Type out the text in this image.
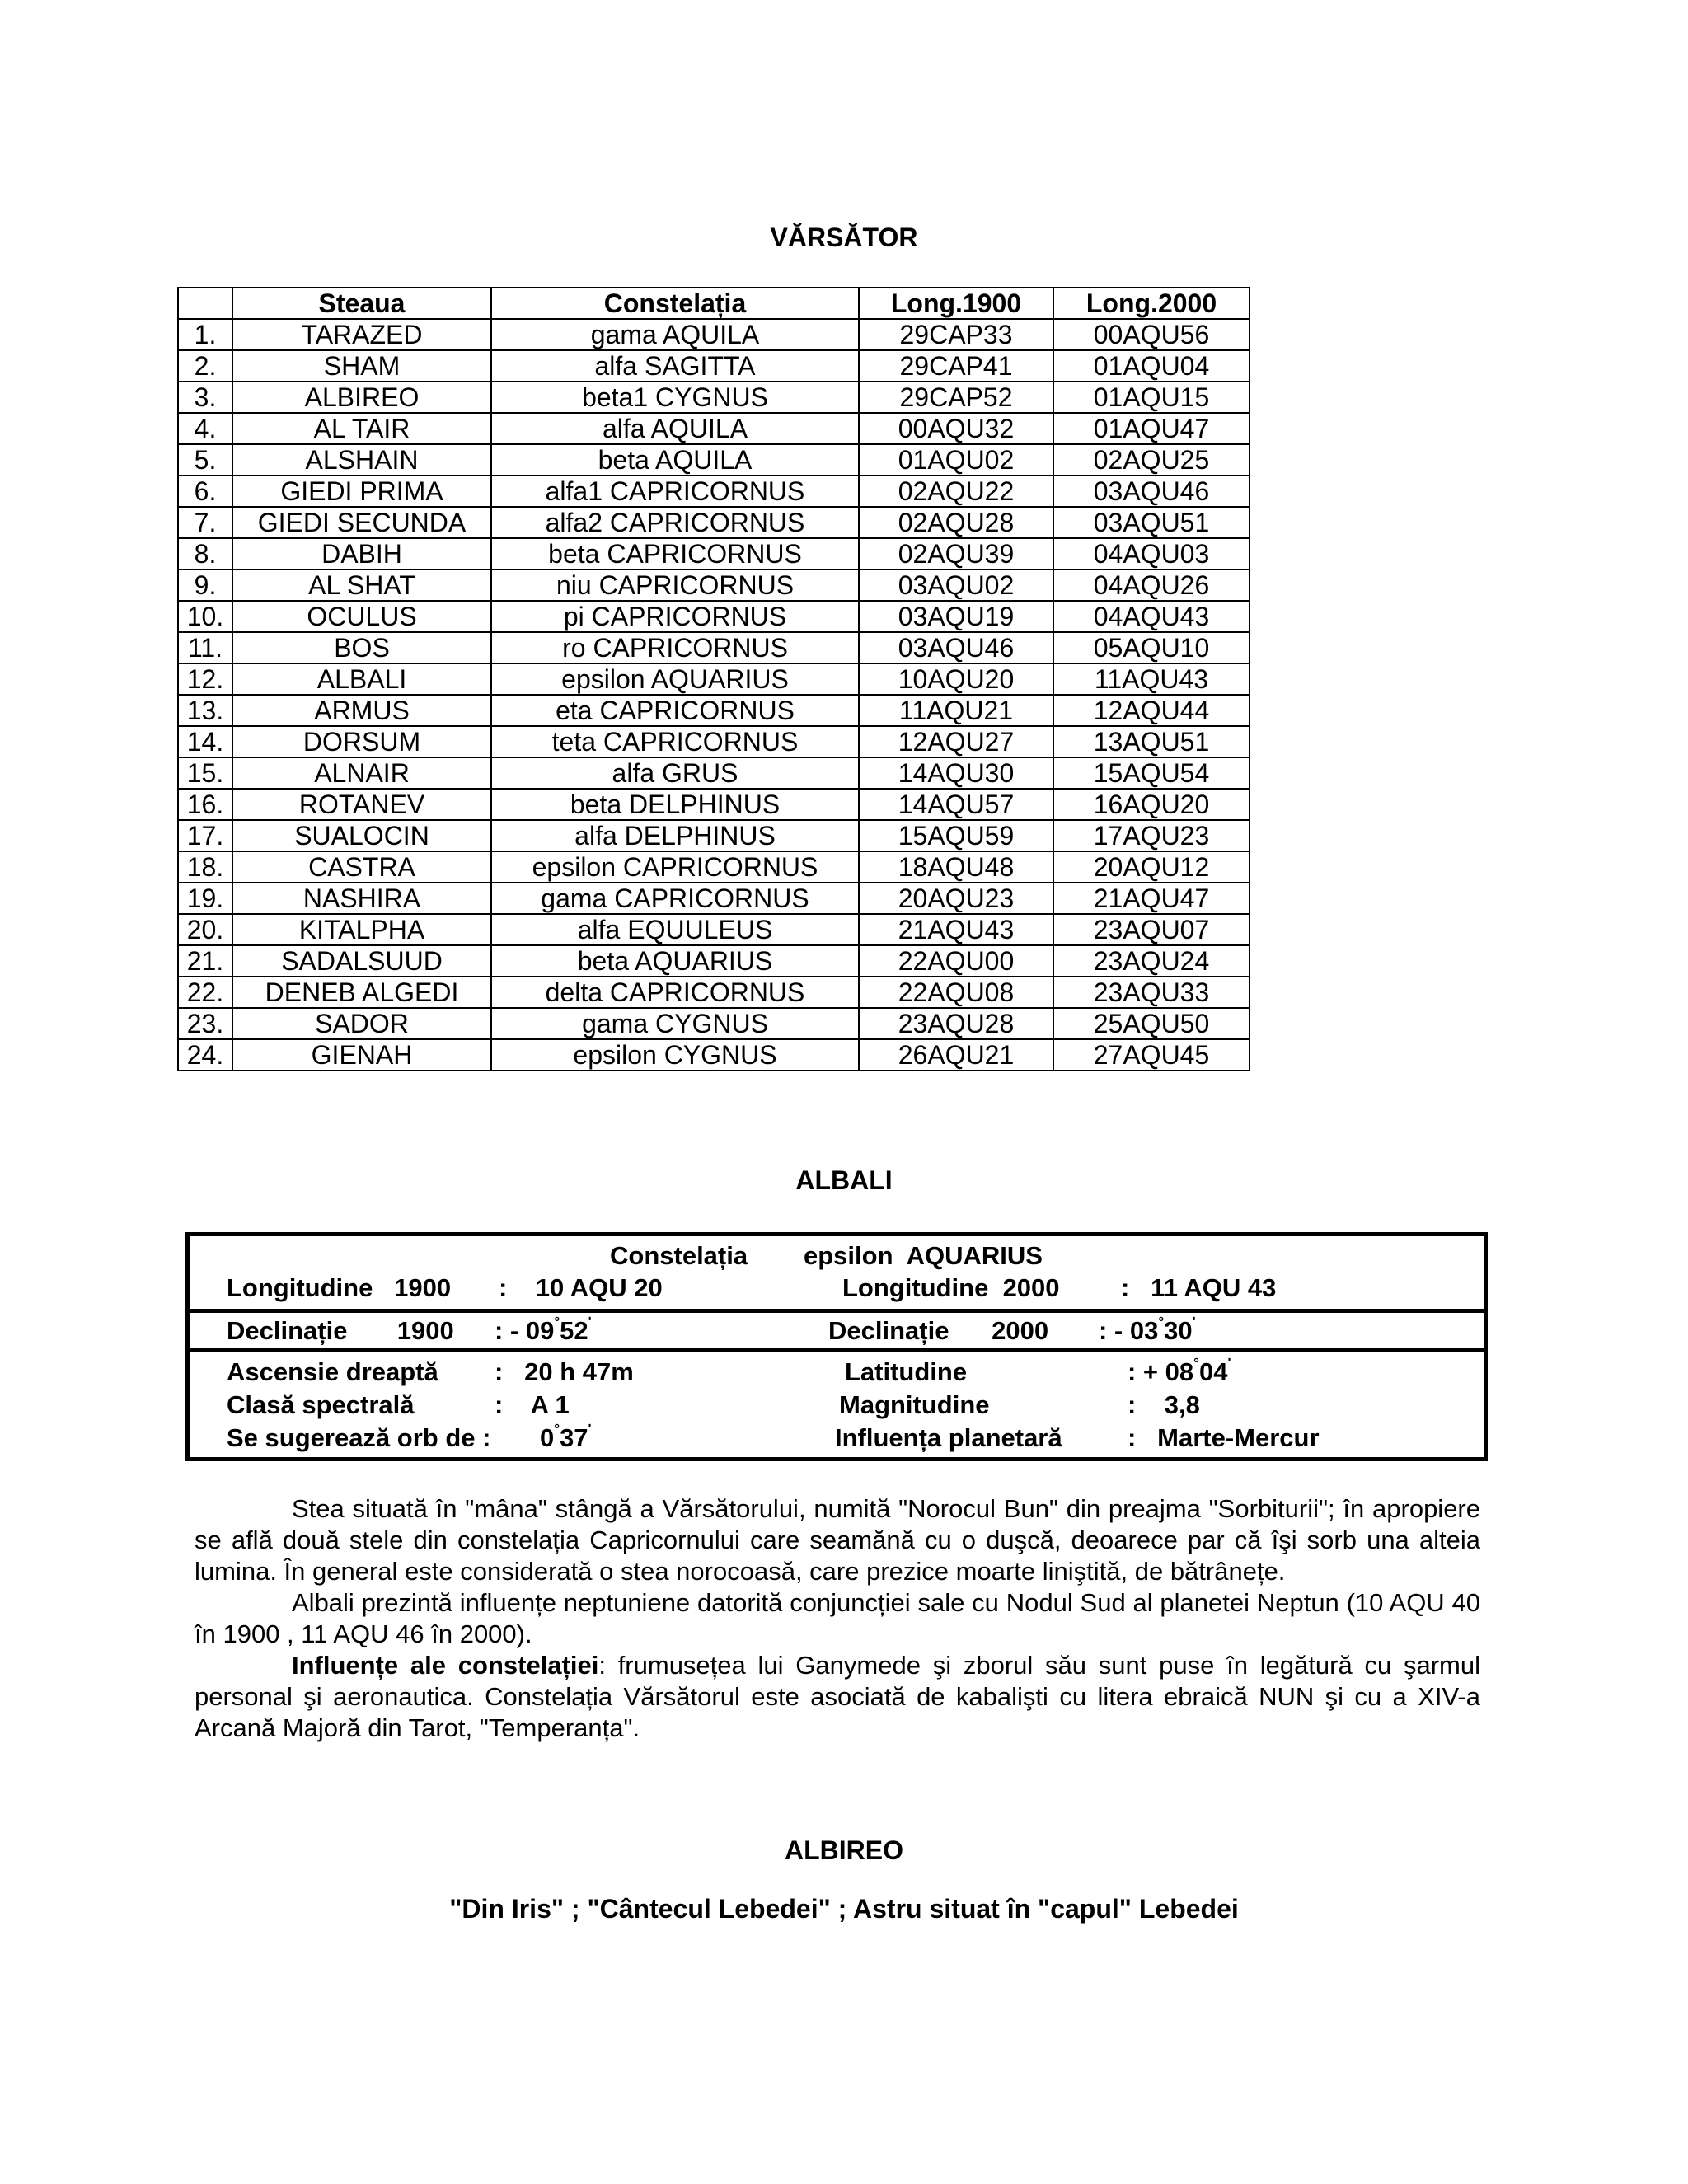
VĂRSĂTOR
	Steaua	Constelația	Long.1900	Long.2000
1.	TARAZED	gama AQUILA	29CAP33	00AQU56
2.	SHAM	alfa SAGITTA	29CAP41	01AQU04
3.	ALBIREO	beta1 CYGNUS	29CAP52	01AQU15
4.	AL TAIR	alfa AQUILA	00AQU32	01AQU47
5.	ALSHAIN	beta AQUILA	01AQU02	02AQU25
6.	GIEDI PRIMA	alfa1 CAPRICORNUS	02AQU22	03AQU46
7.	GIEDI SECUNDA	alfa2 CAPRICORNUS	02AQU28	03AQU51
8.	DABIH	beta CAPRICORNUS	02AQU39	04AQU03
9.	AL SHAT	niu CAPRICORNUS	03AQU02	04AQU26
10.	OCULUS	pi CAPRICORNUS	03AQU19	04AQU43
11.	BOS	ro CAPRICORNUS	03AQU46	05AQU10
12.	ALBALI	epsilon AQUARIUS	10AQU20	11AQU43
13.	ARMUS	eta CAPRICORNUS	11AQU21	12AQU44
14.	DORSUM	teta CAPRICORNUS	12AQU27	13AQU51
15.	ALNAIR	alfa GRUS	14AQU30	15AQU54
16.	ROTANEV	beta DELPHINUS	14AQU57	16AQU20
17.	SUALOCIN	alfa DELPHINUS	15AQU59	17AQU23
18.	CASTRA	epsilon CAPRICORNUS	18AQU48	20AQU12
19.	NASHIRA	gama CAPRICORNUS	20AQU23	21AQU47
20.	KITALPHA	alfa EQUULEUS	21AQU43	23AQU07
21.	SADALSUUD	beta AQUARIUS	22AQU00	23AQU24
22.	DENEB ALGEDI	delta CAPRICORNUS	22AQU08	23AQU33
23.	SADOR	gama CYGNUS	23AQU28	25AQU50
24.	GIENAH	epsilon CYGNUS	26AQU21	27AQU45
ALBALI
Constelația epsilon  AQUARIUS
Longitudine   1900 :    10 AQU 20	Longitudine  2000 :   11 AQU 43
Declinație       1900 : - $09^\circ 52^ʹ$	Declinație      2000 : - $03^\circ 30^ʹ$
Ascensie dreaptă :   20 h 47m	Latitudine	: + $08^\circ 04^ʹ$
Clasă spectrală	:    A 1	Magnitudine	:    3,8
Se sugerează orb de : $0^\circ 37^ʹ$	Influența planetară	:   Marte-Mercur

Stea situată în "mâna" stângă a Vărsătorului, numită "Norocul Bun" din preajma "Sorbiturii"; în apropiere se află două stele din constelația Capricornului care seamănă cu o duşcă, deoarece par că îşi sorb una alteia lumina. În general este considerată o stea norocoasă, care prezice moarte liniştită, de bătrânețe.

Albali prezintă influențe neptuniene datorită conjuncției sale cu Nodul Sud al planetei Neptun (10 AQU 40 în 1900 , 11 AQU 46 în 2000).

Influențe ale constelației: frumusețea lui Ganymede şi zborul său sunt puse în legătură cu şarmul personal şi aeronautica. Constelația Vărsătorul este asociată de kabalişti cu litera ebraică NUN şi cu a XIV-a Arcană Majoră din Tarot, "Temperanța".

ALBIREO
"Din Iris" ; "Cântecul Lebedei" ; Astru situat în "capul" Lebedei
